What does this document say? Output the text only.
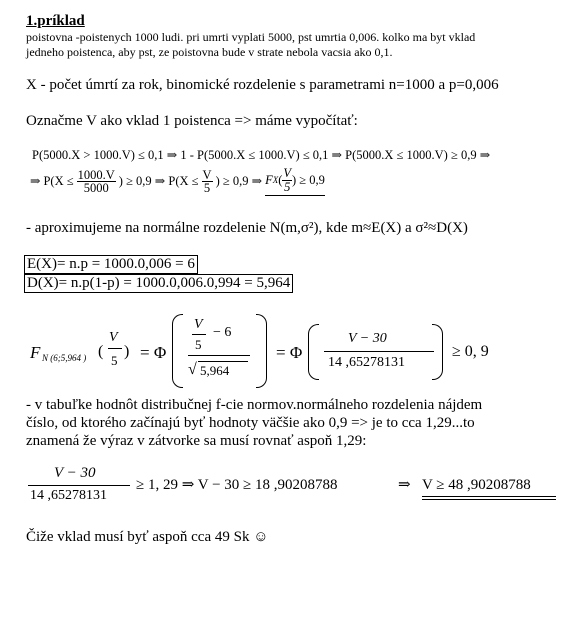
1.príklad
poistovna -poistenych 1000 ludi. pri umrti vyplati 5000, pst umrtia 0,006. kolko ma byt vklad
jedneho poistenca, aby pst, ze poistovna bude v strate nebola vacsia ako 0,1.
X - počet úmrtí za rok, binomické rozdelenie s parametrami n=1000 a p=0,006
Označme V ako vklad 1 poistenca => máme vypočítať:
P(5000.X > 1000.V) ≤ 0,1 ⇒ 1 - P(5000.X ≤ 1000.V) ≤ 0,1 ⇒ P(5000.X ≤ 1000.V) ≥ 0,9 ⇒
⇒ $P(X \le \frac{1000.V}{5000}$ ) ≥ 0,9 ⇒ $P(X \le \frac{V}{5}$ ) ≥ 0,9 ⇒ F X ( $\frac{V}{5}$ ) ≥ 0,9
- aproximujeme na normálne rozdelenie N(m,σ²), kde m≈E(X) a σ²≈D(X)
E(X)= n.p = 1000.0,006 = 6
D(X)= n.p(1-p) = 1000.0,006.0,994 = 5,964
F N (6;5,964 ) (
V
5
) = Φ
V
5
− 6
√ 5,964
= Φ
V − 30
14 ,65278131
≥ 0, 9
- v tabuľke hodnôt distribučnej f-cie normov.normálneho rozdelenia nájdem
číslo, od ktorého začínajú byť hodnoty väčšie ako 0,9 => je to cca 1,29...to
znamená že výraz v zátvorke sa musí rovnať aspoň 1,29:
V − 30
14 ,65278131
≥ 1, 29 ⇒ V − 30 ≥ 18 ,90208788	⇒ V ≥ 48 ,90208788
Čiže vklad musí byť aspoň cca 49 Sk ☺
